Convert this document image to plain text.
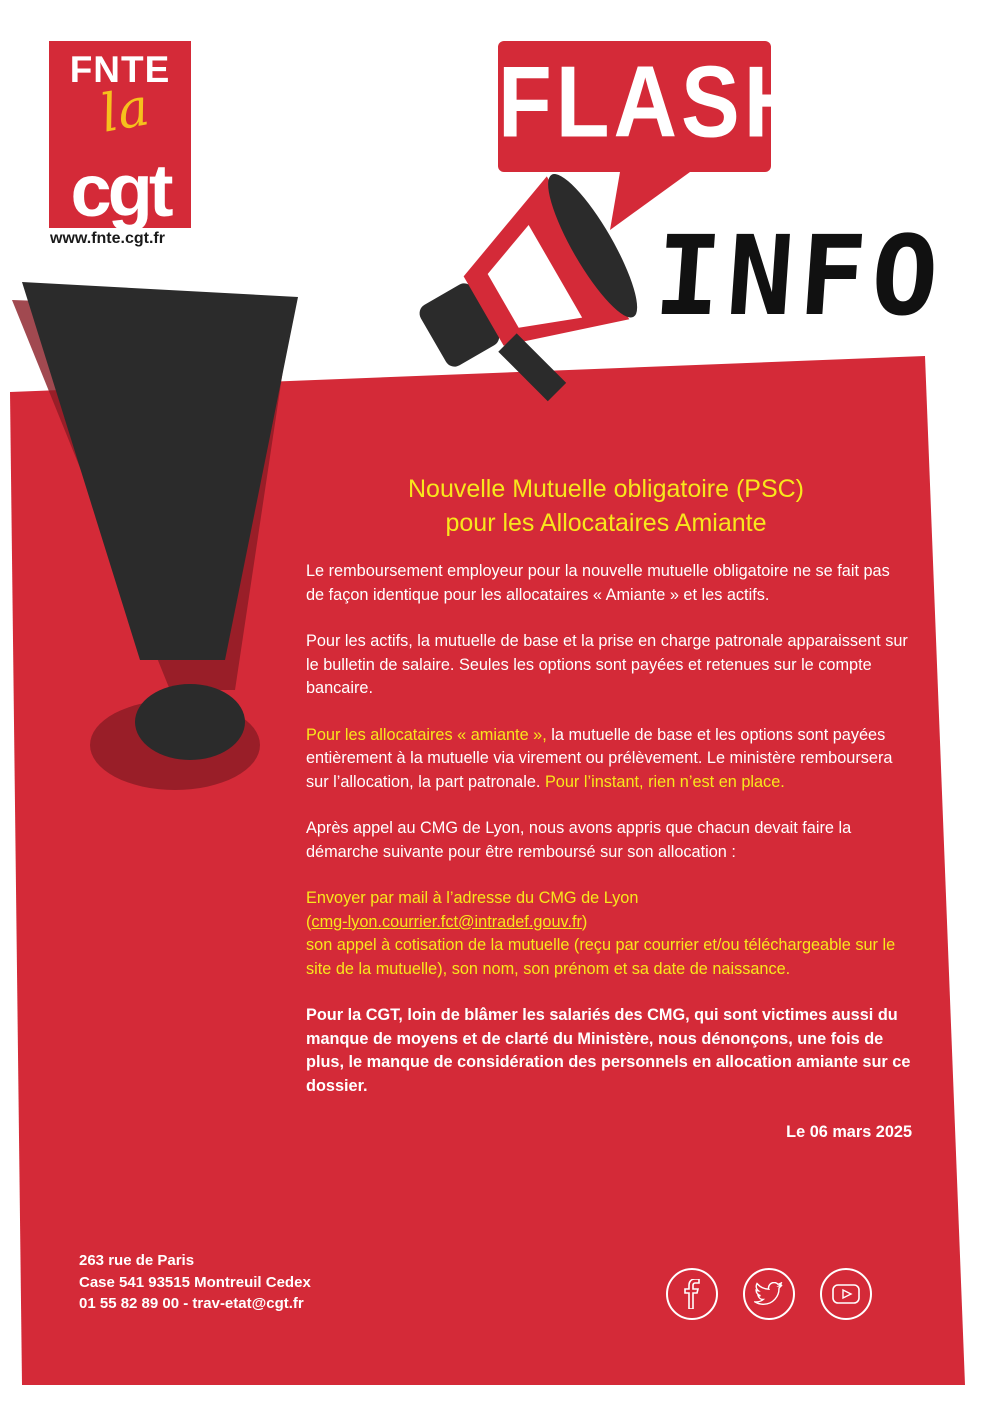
FNTE
la
cgt
www.fnte.cgt.fr
FLASH
INFO
Nouvelle Mutuelle obligatoire (PSC)
pour les Allocataires Amiante

Le remboursement employeur pour la nouvelle mutuelle obligatoire ne se fait pas de façon identique pour les allocataires « Amiante » et les actifs.

Pour les actifs, la mutuelle de base et la prise en charge patronale apparaissent sur le bulletin de salaire. Seules les options sont payées et retenues sur le compte bancaire.

Pour les allocataires « amiante », la mutuelle de base et les options sont payées entièrement à la mutuelle via virement ou prélèvement. Le ministère remboursera sur l’allocation, la part patronale. Pour l’instant, rien n’est en place.

Après appel au CMG de Lyon, nous avons appris que chacun devait faire la démarche suivante pour être remboursé sur son allocation :

Envoyer par mail à l’adresse du CMG de Lyon
(cmg-lyon.courrier.fct@intradef.gouv.fr)
son appel à cotisation de la mutuelle (reçu par courrier et/ou téléchargeable sur le site de la mutuelle), son nom, son prénom et sa date de naissance.

Pour la CGT, loin de blâmer les salariés des CMG, qui sont victimes aussi du manque de moyens et de clarté du Ministère, nous dénonçons, une fois de plus, le manque de considération des personnels en allocation amiante sur ce dossier.

Le 06 mars 2025
263 rue de Paris
Case 541 93515 Montreuil Cedex
01 55 82 89 00 - trav-etat@cgt.fr
